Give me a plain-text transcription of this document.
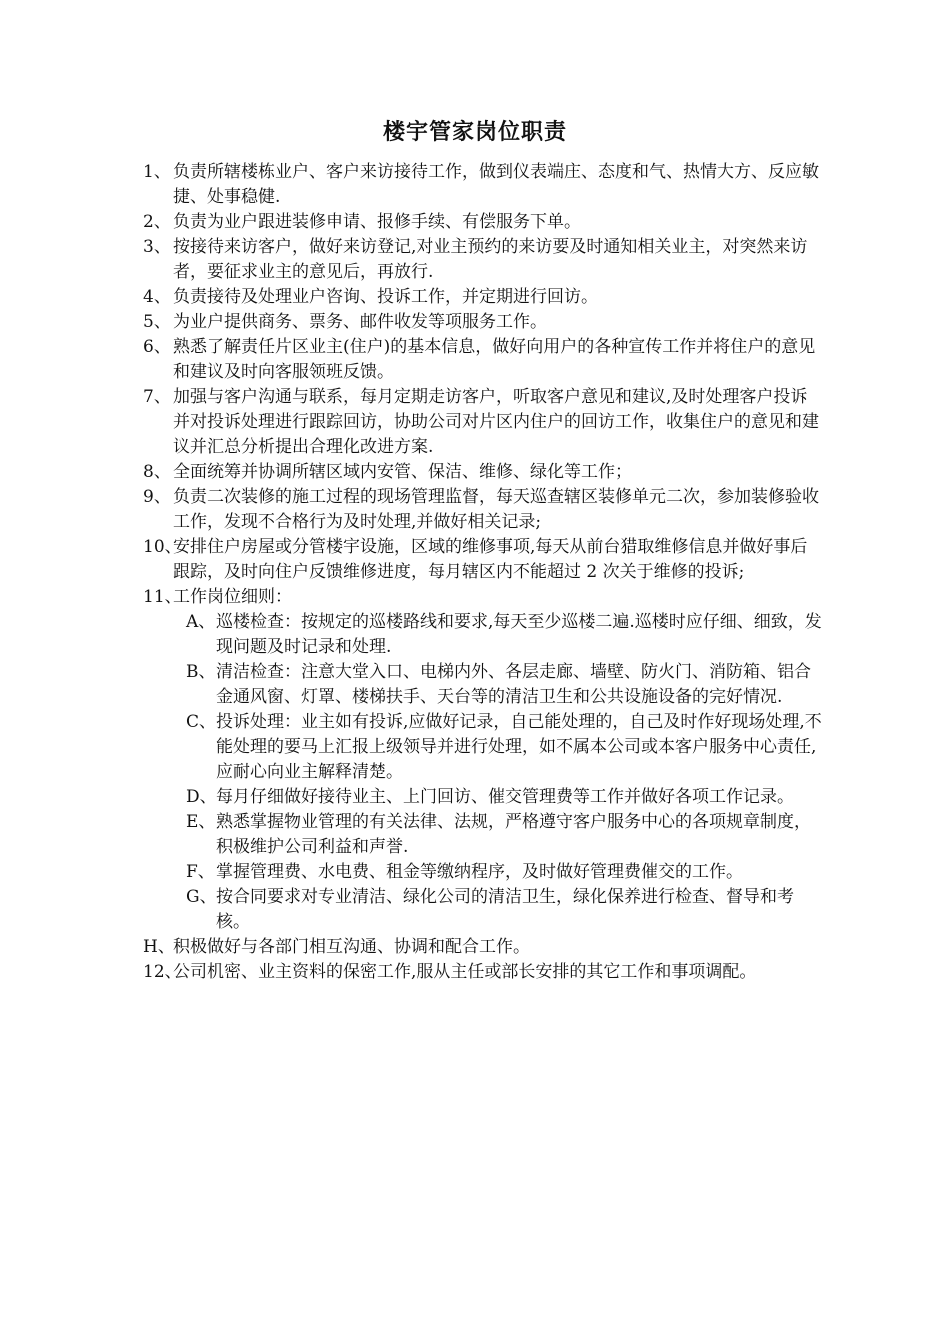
楼宇管家岗位职责
1、 负责所辖楼栋业户、客户来访接待工作，做到仪表端庄、态度和气、热情大方、反应敏捷、处事稳健.
2、 负责为业户跟进装修申请、报修手续、有偿服务下单。
3、 按接待来访客户，做好来访登记,对业主预约的来访要及时通知相关业主，对突然来访者，要征求业主的意见后，再放行.
4、 负责接待及处理业户咨询、投诉工作，并定期进行回访。
5、 为业户提供商务、票务、邮件收发等项服务工作。
6、 熟悉了解责任片区业主(住户)的基本信息，做好向用户的各种宣传工作并将住户的意见和建议及时向客服领班反馈。
7、 加强与客户沟通与联系，每月定期走访客户，听取客户意见和建议,及时处理客户投诉并对投诉处理进行跟踪回访，协助公司对片区内住户的回访工作，收集住户的意见和建议并汇总分析提出合理化改进方案.
8、 全面统筹并协调所辖区域内安管、保洁、维修、绿化等工作；
9、 负责二次装修的施工过程的现场管理监督，每天巡查辖区装修单元二次，参加装修验收工作，发现不合格行为及时处理,并做好相关记录;
10、
安排住户房屋或分管楼宇设施，区域的维修事项,每天从前台猎取维修信息并做好事后跟踪，及时向住户反馈维修进度，每月辖区内不能超过 2 次关于维修的投诉;
11、
工作岗位细则：
A、 巡楼检查：按规定的巡楼路线和要求,每天至少巡楼二遍.巡楼时应仔细、细致，发现问题及时记录和处理.
B、 清洁检查：注意大堂入口、电梯内外、各层走廊、墙壁、防火门、消防箱、铝合金通风窗、灯罩、楼梯扶手、天台等的清洁卫生和公共设施设备的完好情况.
C、 投诉处理：业主如有投诉,应做好记录，自己能处理的，自己及时作好现场处理,不能处理的要马上汇报上级领导并进行处理，如不属本公司或本客户服务中心责任,应耐心向业主解释清楚。
D、 每月仔细做好接待业主、上门回访、催交管理费等工作并做好各项工作记录。
E、 熟悉掌握物业管理的有关法律、法规，严格遵守客户服务中心的各项规章制度，积极维护公司利益和声誉.
F、 掌握管理费、水电费、租金等缴纳程序，及时做好管理费催交的工作。
G、 按合同要求对专业清洁、绿化公司的清洁卫生，绿化保养进行检查、督导和考核。
H、
积极做好与各部门相互沟通、协调和配合工作。
12、
公司机密、业主资料的保密工作,服从主任或部长安排的其它工作和事项调配。
